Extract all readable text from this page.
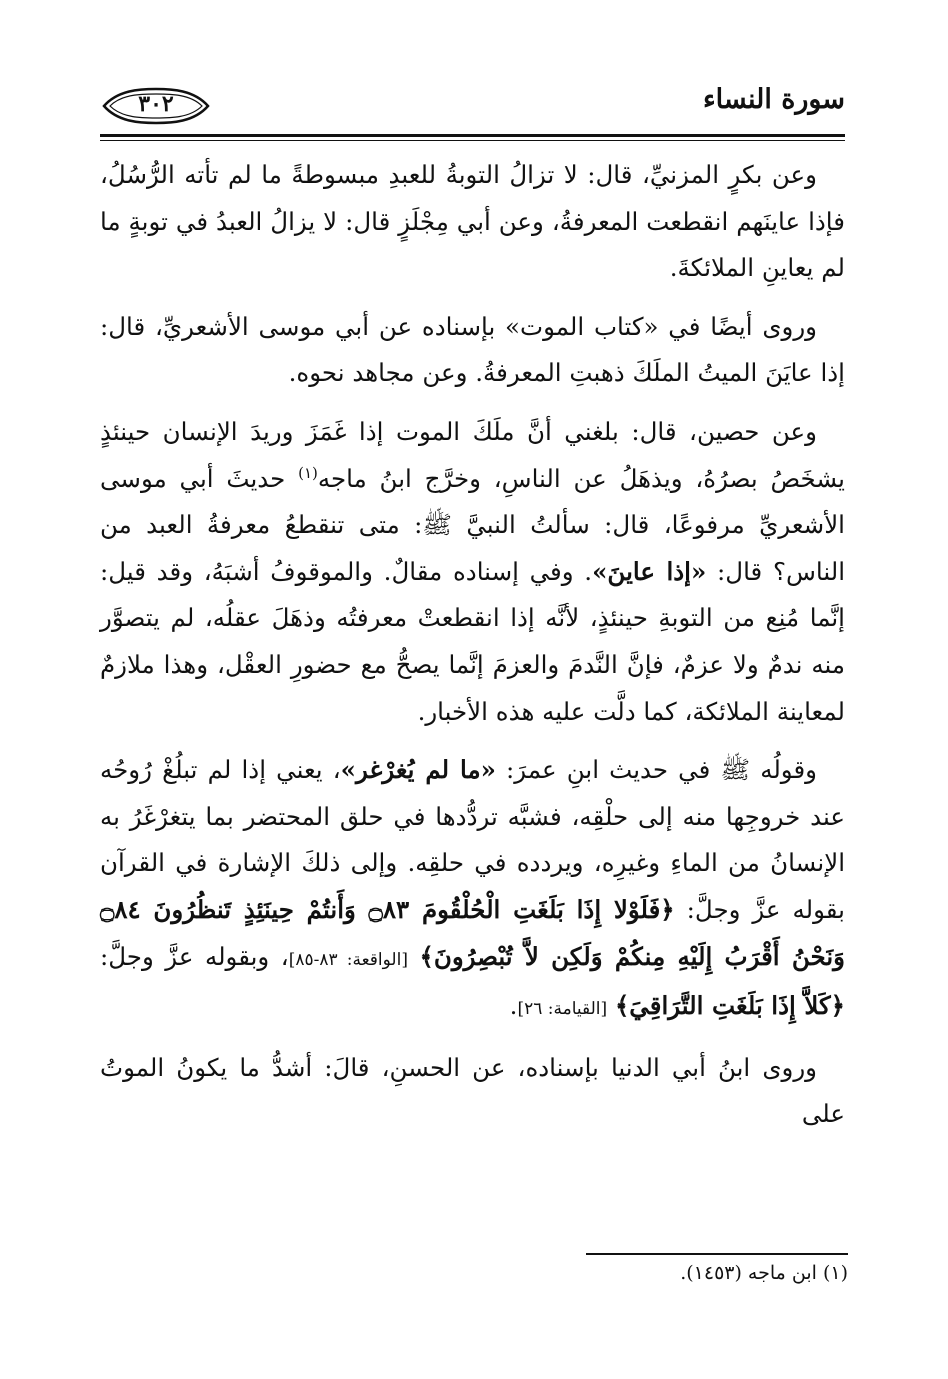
سورة النساء
٣٠٢

وعن بكرٍ المزنيِّ، قال: لا تزالُ التوبةُ للعبدِ مبسوطةً ما لم تأته الرُّسُلُ، فإذا عاينَهم انقطعت المعرفةُ، وعن أبي مِجْلَزٍ قال: لا يزالُ العبدُ في توبةٍ ما لم يعاينِ الملائكةَ.

وروى أيضًا في «كتاب الموت» بإسناده عن أبي موسى الأشعريِّ، قال: إذا عايَنَ الميتُ الملَكَ ذهبتِ المعرفةُ. وعن مجاهد نحوه.

وعن حصين، قال: بلغني أنَّ ملَكَ الموت إذا غَمَزَ وريدَ الإنسان حينئذٍ يشخَصُ بصرُهُ، ويذهَلُ عن الناسِ، وخرَّج ابنُ ماجه$^{(١)}$ حديثَ أبي موسى الأشعريِّ مرفوعًا، قال: سألتُ النبيَّ ﷺ: متى تنقطعُ معرفةُ العبد من الناس؟ قال: «إذا عاينَ». وفي إسناده مقالٌ. والموقوفُ أشبَهُ، وقد قيل: إنَّما مُنِع من التوبةِ حينئذٍ، لأنَّه إذا انقطعتْ معرفتُه وذهَلَ عقلُه، لم يتصوَّر منه ندمٌ ولا عزمٌ، فإنَّ النَّدمَ والعزمَ إنَّما يصحُّ مع حضورِ العقْل، وهذا ملازمٌ لمعاينة الملائكة، كما دلَّت عليه هذه الأخبار.

وقولُه ﷺ في حديث ابنِ عمرَ: «ما لم يُغرْغر»، يعني إذا لم تبلُغْ رُوحُه عند خروجِها منه إلى حلْقِه، فشبَّه تردُّدها في حلق المحتضر بما يتغرْغَرُ به الإنسانُ من الماءِ وغيرِه، ويردده في حلقِه. وإلى ذلكَ الإشارة في القرآن بقوله عزَّ وجلَّ: ﴿فَلَوْلا إِذَا بَلَغَتِ الْحُلْقُومَ ۝٨٣ وَأَنتُمْ حِينَئِذٍ تَنظُرُونَ ۝٨٤ وَنَحْنُ أَقْرَبُ إِلَيْهِ مِنكُمْ وَلَكِن لاَّ تُبْصِرُونَ﴾ [الواقعة: ٨٣-٨٥]، وبقوله عزَّ وجلَّ: ﴿كَلاَّ إِذَا بَلَغَتِ التَّرَاقِيَ﴾ [القيامة: ٢٦].

وروى ابنُ أبي الدنيا بإسناده، عن الحسنِ، قالَ: أشدُّ ما يكونُ الموتُ على

(١) ابن ماجه (١٤٥٣).
